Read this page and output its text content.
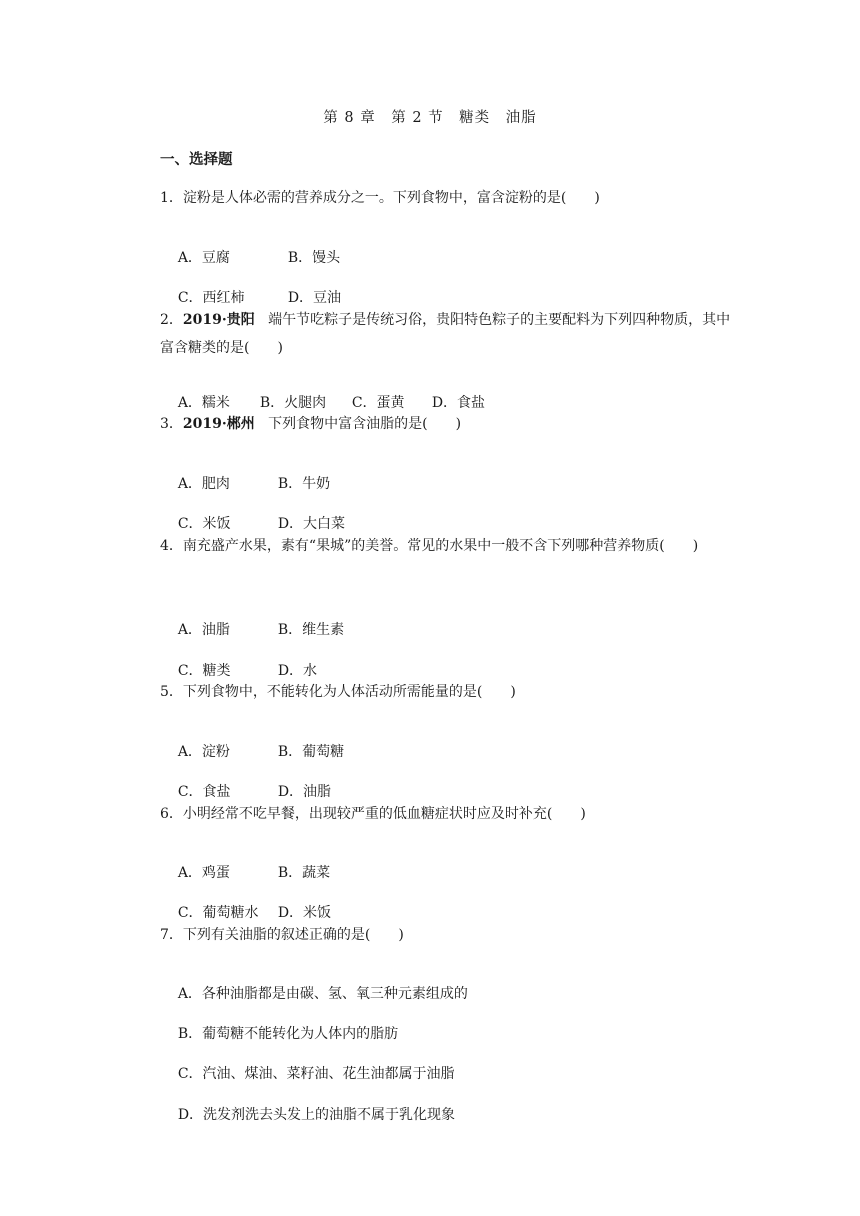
第 8 章　第 2 节　糖类　油脂
一、选择题
1．淀粉是人体必需的营养成分之一。下列食物中，富含淀粉的是(　　)

A．豆腐	B．馒头

C．西红柿	D．豆油

2．2019·贵阳 端午节吃粽子是传统习俗，贵阳特色粽子的主要配料为下列四种物质，其中富含糖类的是(　　)

A．糯米 B．火腿肉 C．蛋黄 D．食盐

3．2019·郴州 下列食物中富含油脂的是(　　)

A．肥肉	B．牛奶

C．米饭	D．大白菜

4．南充盛产水果，素有“果城”的美誉。常见的水果中一般不含下列哪种营养物质(　　)

A．油脂	B．维生素

C．糖类	D．水

5．下列食物中，不能转化为人体活动所需能量的是(　　)

A．淀粉	B．葡萄糖

C．食盐	D．油脂

6．小明经常不吃早餐，出现较严重的低血糖症状时应及时补充(　　)

A．鸡蛋	B．蔬菜

C．葡萄糖水 D．米饭

7．下列有关油脂的叙述正确的是(　　)

A．各种油脂都是由碳、氢、氧三种元素组成的

B．葡萄糖不能转化为人体内的脂肪

C．汽油、煤油、菜籽油、花生油都属于油脂

D．洗发剂洗去头发上的油脂不属于乳化现象
